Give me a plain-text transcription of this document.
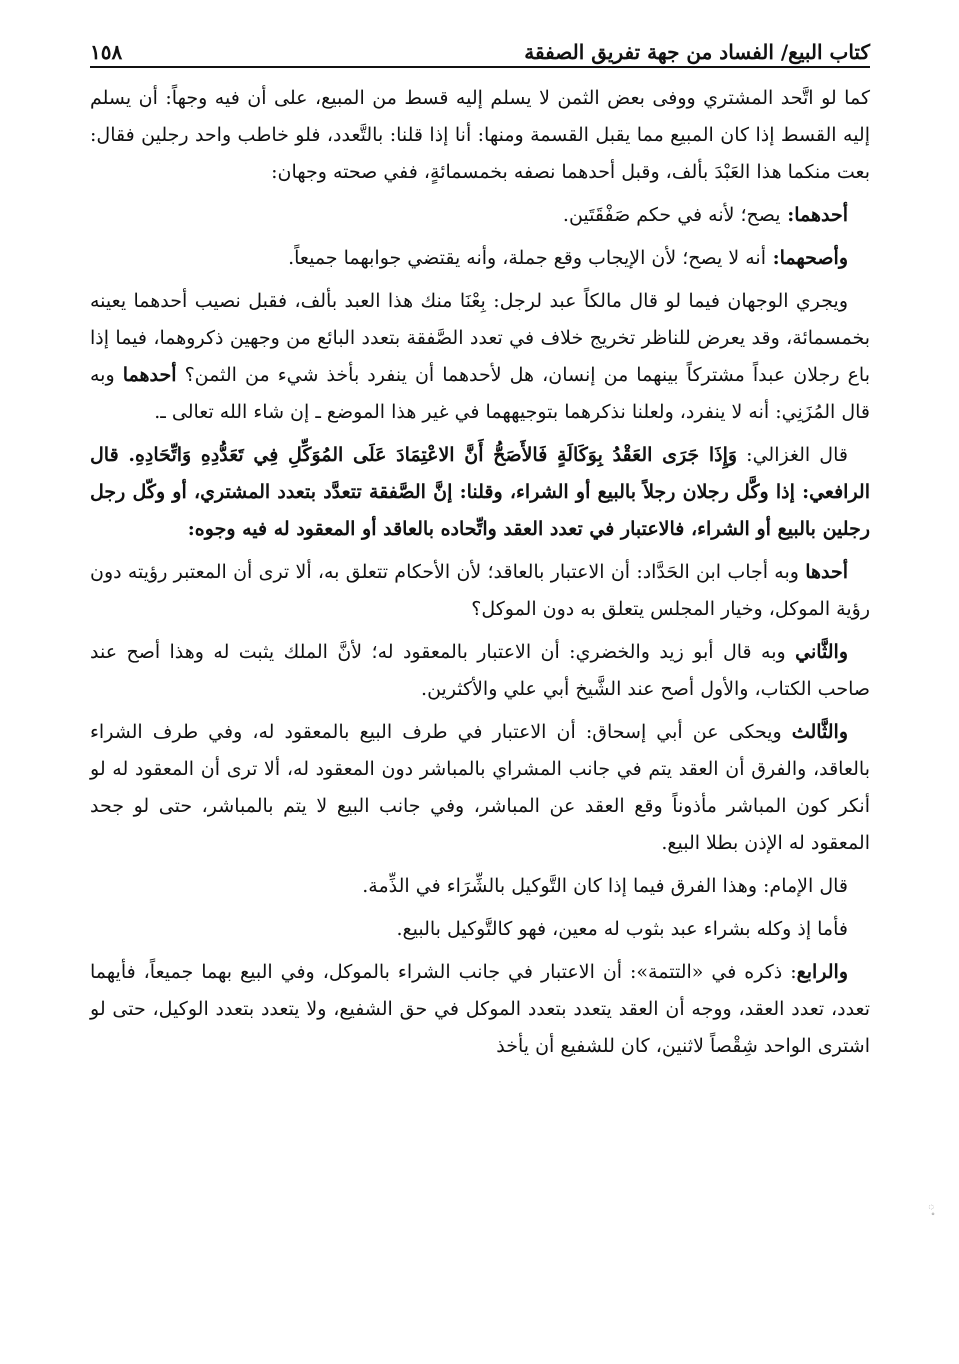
كتاب البيع/ الفساد من جهة تفريق الصفقة
١٥٨

كما لو اتَّحد المشتري ووفى بعض الثمن لا يسلم إليه قسط من المبيع، على أن فيه وجهاً: أن يسلم إليه القسط إذا كان المبيع مما يقبل القسمة ومنها: أنا إذا قلنا: بالتَّعدد، فلو خاطب واحد رجلين فقال: بعت منكما هذا العَبْدَ بألف، وقبل أحدهما نصفه بخمسمائةٍ، ففي صحته وجهان:

أحدهما: يصح؛ لأنه في حكم صَفْقَتَين.

وأصحهما: أنه لا يصح؛ لأن الإيجاب وقع جملة، وأنه يقتضي جوابهما جميعاً.

ويجري الوجهان فيما لو قال مالكاً عبد لرجل: بِعْنَا منك هذا العبد بألف، فقبل نصيب أحدهما يعينه بخمسمائة، وقد يعرض للناظر تخريج خلاف في تعدد الصَّفقة بتعدد البائع من وجهين ذكروهما، فيما إذا باع رجلان عبداً مشتركاً بينهما من إنسان، هل لأحدهما أن ينفرد بأخذ شيء من الثمن؟ أحدهما وبه قال المُزَنِي: أنه لا ينفرد، ولعلنا نذكرهما بتوجيههما في غير هذا الموضع ـ إن شاء الله تعالى ـ.

قال الغزالي: وَإِذَا جَرَى العَقْدُ بِوَكَالَةٍ فَالأَصَحُّ أَنَّ الاعْتِمَادَ عَلَى المُوَكِّلِ فِي تَعَدُّدِهِ وَاتِّحَادِهِ. قال الرافعي: إذا وكَّل رجلان رجلاً بالبيع أو الشراء، وقلنا: إنَّ الصَّفقة تتعدَّد بتعدد المشتري، أو وكّل رجل رجلين بالبيع أو الشراء، فالاعتبار في تعدد العقد واتِّحاده بالعاقد أو المعقود له فيه وجوه:

أحدها وبه أجاب ابن الحَدَّاد: أن الاعتبار بالعاقد؛ لأن الأحكام تتعلق به، ألا ترى أن المعتبر رؤيته دون رؤية الموكل، وخيار المجلس يتعلق به دون الموكل؟

والثَّاني وبه قال أبو زيد والخضري: أن الاعتبار بالمعقود له؛ لأنَّ الملك يثبت له وهذا أصح عند صاحب الكتاب، والأول أصح عند الشَّيخ أبي علي والأكثرين.

والثَّالث ويحكى عن أبي إسحاق: أن الاعتبار في طرف البيع بالمعقود له، وفي طرف الشراء بالعاقد، والفرق أن العقد يتم في جانب المشراي بالمباشر دون المعقود له، ألا ترى أن المعقود له لو أنكر كون المباشر مأذوناً وقع العقد عن المباشر، وفي جانب البيع لا يتم بالمباشر، حتى لو جحد المعقود له الإذن بطلا البيع.

قال الإمام: وهذا الفرق فيما إذا كان التَّوكيل بالشِّرَاء في الذِّمة.

فأما إذ وكله بشراء عبد بثوب له معين، فهو كالتَّوكيل بالبيع.

والرابع: ذكره في «التتمة»: أن الاعتبار في جانب الشراء بالموكل، وفي البيع بهما جميعاً، فأيهما تعدد، تعدد العقد، ووجه أن العقد يتعدد بتعدد الموكل في حق الشفيع، ولا يتعدد بتعدد الوكيل، حتى لو اشترى الواحد شِقْصاً لاثنين، كان للشفيع أن يأخذ

༷
